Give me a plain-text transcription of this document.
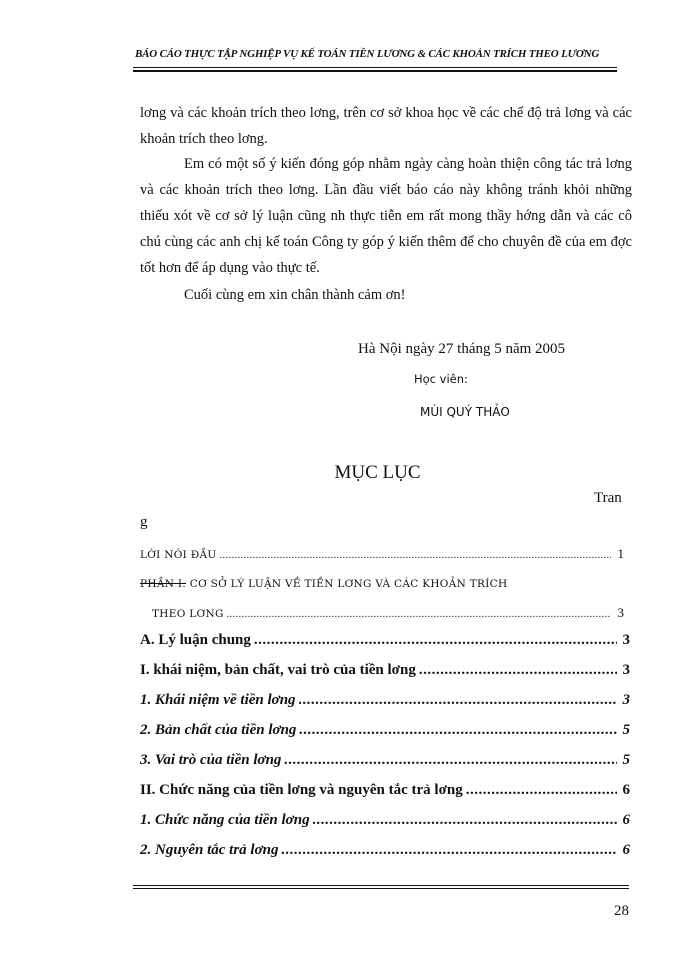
BÁO CÁO THỰC TẬP NGHIỆP VỤ KẾ TOÁN TIỀN LƯƠNG & CÁC KHOẢN TRÍCH THEO LƯƠNG
lơng và các khoản trích theo lơng, trên cơ sở khoa học về các chế độ trả lơng và các khoản trích theo lơng.
Em có một số ý kiến đóng góp nhằm ngày càng hoàn thiện công tác trả lơng và các khoản trích theo lơng. Lần đầu viết báo cáo này không tránh khỏi những thiếu xót về cơ sở lý luận cũng nh thực tiễn em rất mong thầy hớng dẫn và các cô chú cùng các anh chị kế toán Công ty góp ý kiến thêm để cho chuyên đề của em đợc tốt hơn để áp dụng vào thực tế.
Cuối cùng em xin chân thành cảm ơn!
Hà Nội ngày 27 tháng 5 năm 2005
Học viên:
MÙI QUÝ THẢO
MỤC LỤC
Tran
g
LỜI NÓI ĐẦU .....	1
PHẦN I: CƠ SỞ LÝ LUẬN VỀ TIỀN LƠNG VÀ CÁC KHOẢN TRÍCH
THEO LƠNG .....	3
A. Lý luận chung .....	3
I. khái niệm, bản chất, vai trò của tiền lơng .....	3
1. Khái niệm về tiền lơng .....	3
2. Bản chất của tiền lơng .....	5
3. Vai trò của tiền lơng .....	5
II. Chức năng của tiền lơng và nguyên tắc trả lơng .....	6
1. Chức năng của tiền lơng .....	6
2. Nguyên tắc trả lơng .....	6
28
